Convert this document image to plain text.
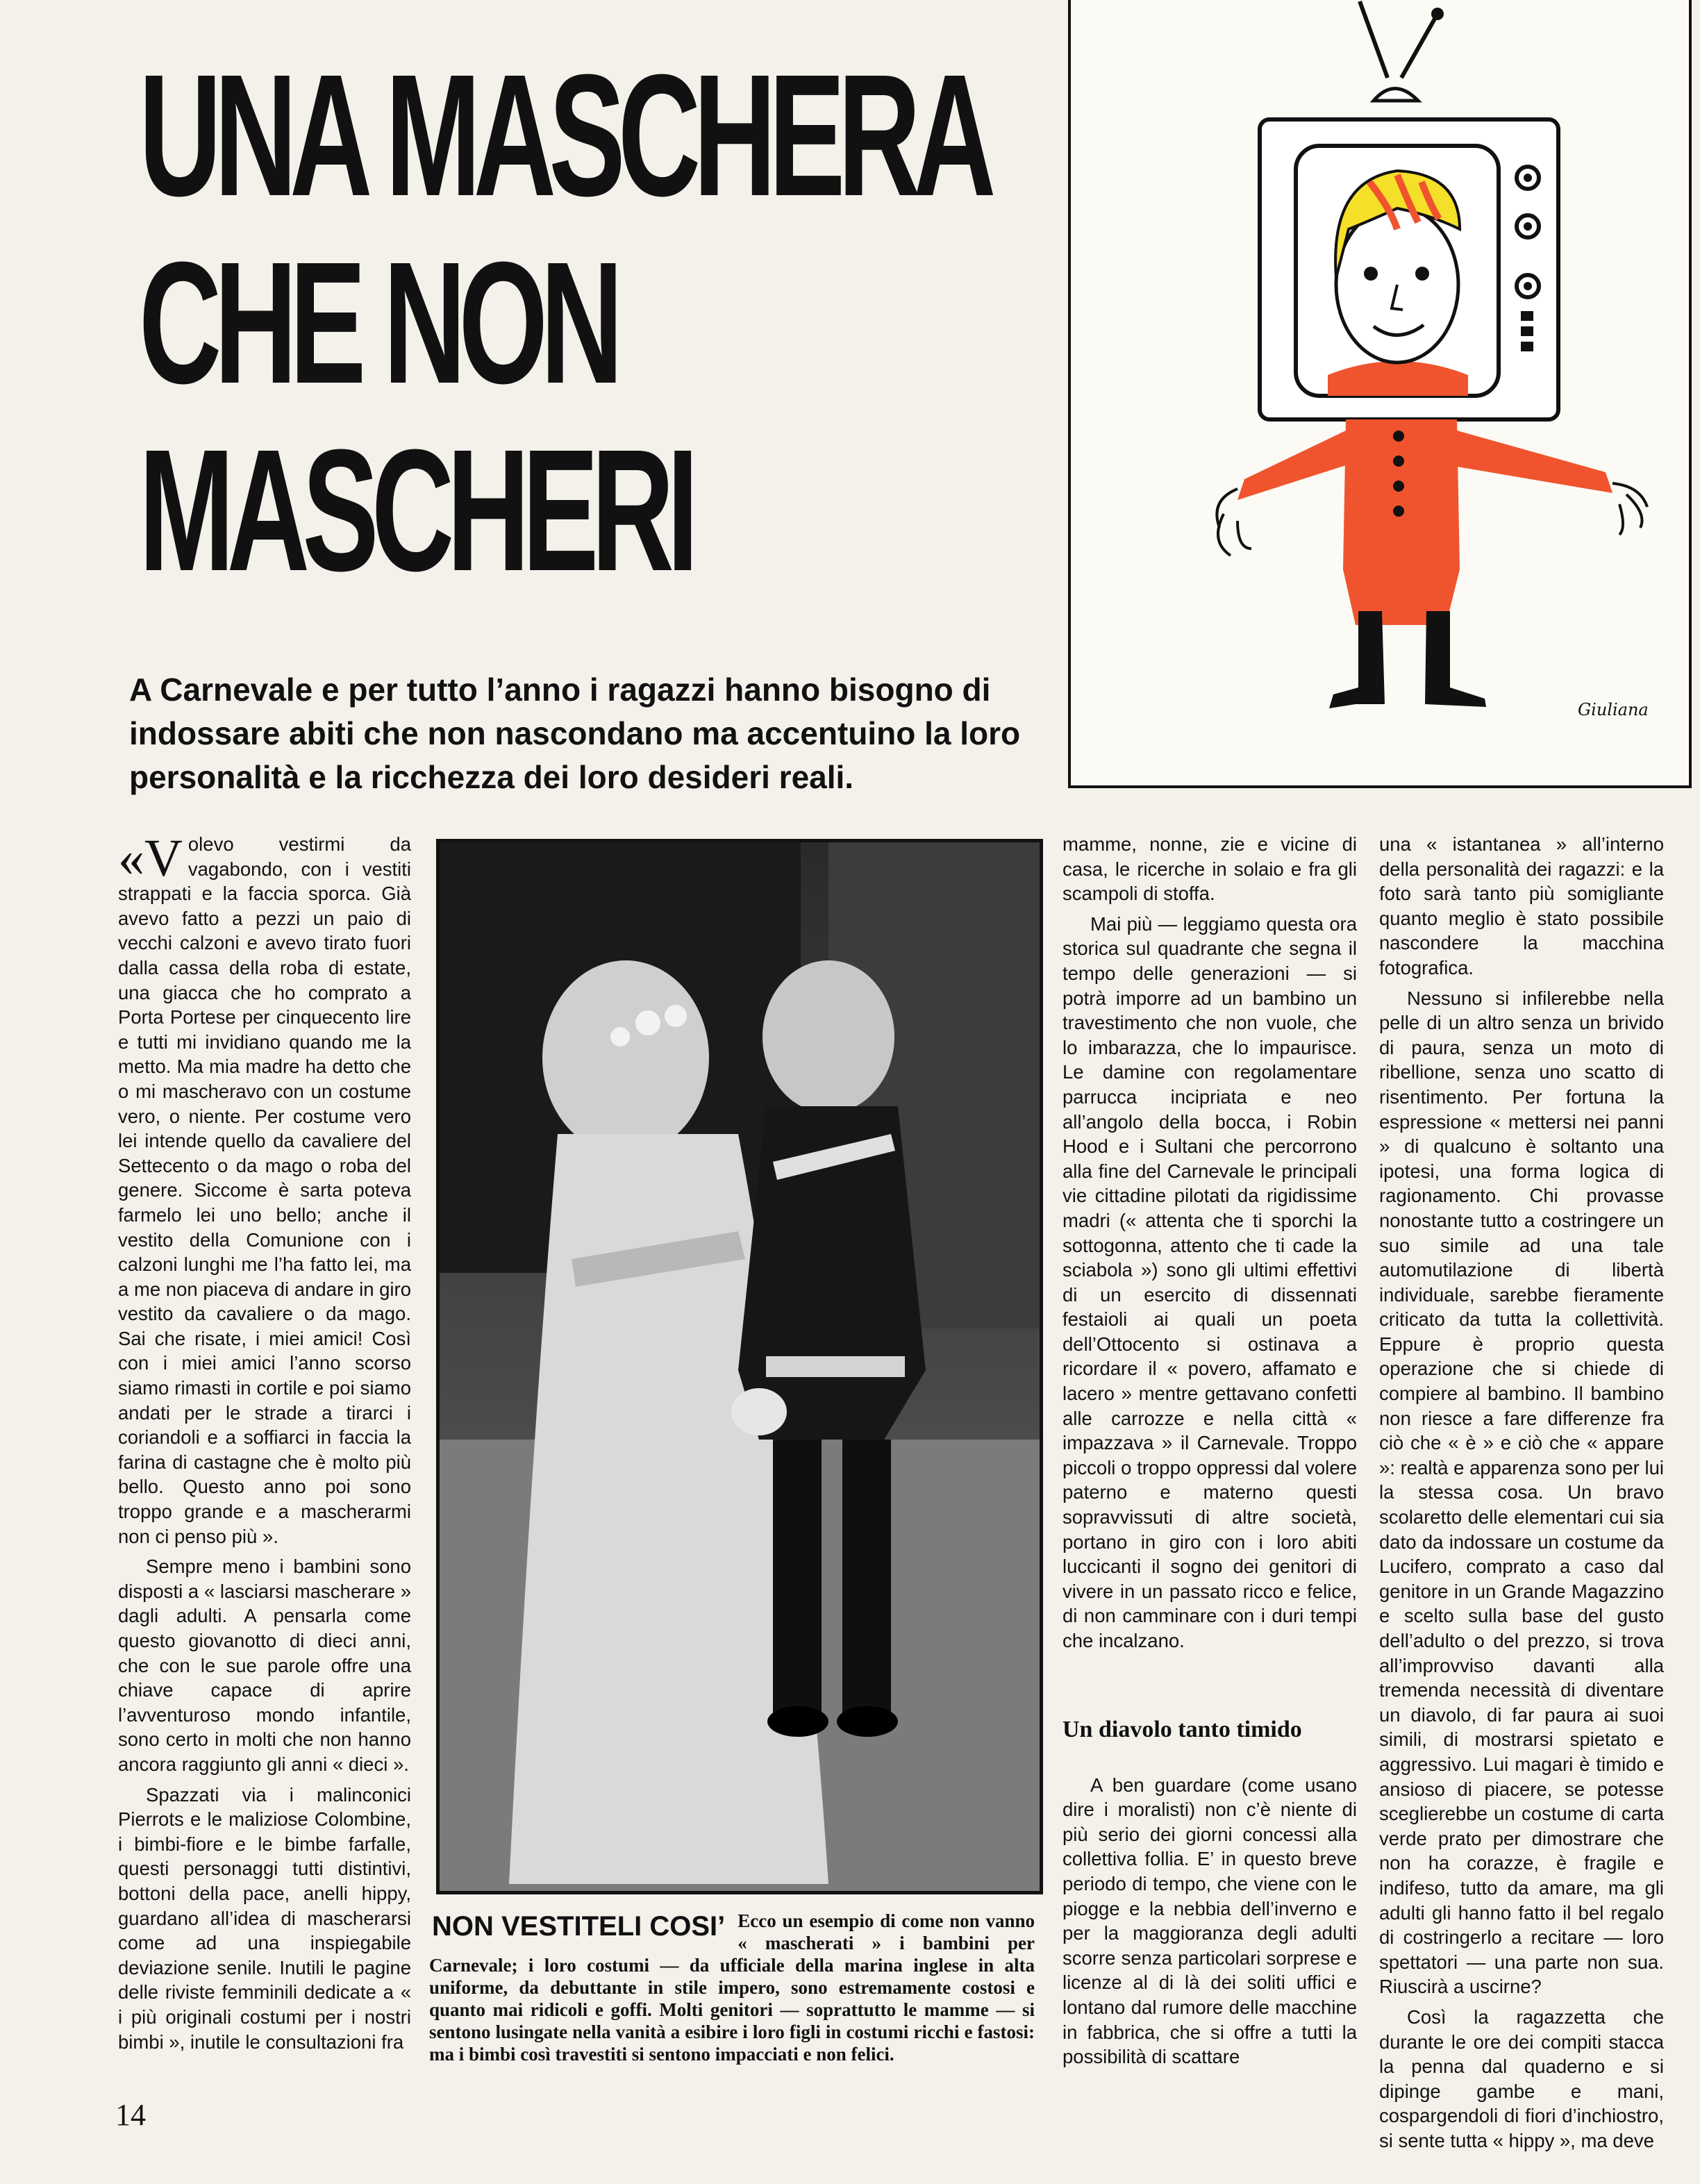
UNA MASCHERA
CHE NON
MASCHERI
Giuliana

A Carnevale e per tutto l’anno i ragazzi hanno bisogno di indossare abiti che non nascondano ma accentuino la loro personalità e la ricchezza dei loro desideri reali.

«Volevo vestirmi da vagabondo, con i vestiti strappati e la faccia sporca. Già avevo fatto a pezzi un paio di vecchi calzoni e avevo tirato fuori dalla cassa della roba di estate, una giacca che ho comprato a Porta Portese per cinquecento lire e tutti mi invidiano quando me la metto. Ma mia madre ha detto che o mi mascheravo con un costume vero, o niente. Per costume vero lei intende quello da cavaliere del Settecento o da mago o roba del genere. Siccome è sarta poteva farmelo lei uno bello; anche il vestito della Comunione con i calzoni lunghi me l’ha fatto lei, ma a me non piaceva di andare in giro vestito da cavaliere o da mago. Sai che risate, i miei amici! Così con i miei amici l’anno scorso siamo rimasti in cortile e poi siamo andati per le strade a tirarci i coriandoli e a soffiarci in faccia la farina di castagne che è molto più bello. Questo anno poi sono troppo grande e a mascherarmi non ci penso più ».

Sempre meno i bambini sono disposti a « lasciarsi mascherare » dagli adulti. A pensarla come questo giovanotto di dieci anni, che con le sue parole offre una chiave capace di aprire l’avventuroso mondo infantile, sono certo in molti che non hanno ancora raggiunto gli anni « dieci ».

Spazzati via i malinconici Pierrots e le maliziose Colombine, i bimbi-fiore e le bimbe farfalle, questi personaggi tutti distintivi, bottoni della pace, anelli hippy, guardano all’idea di mascherarsi come ad una inspiegabile deviazione senile. Inutili le pagine delle riviste femminili dedicate a « i più originali costumi per i nostri bimbi », inutile le consultazioni fra

mamme, nonne, zie e vicine di casa, le ricerche in solaio e fra gli scampoli di stoffa.

Mai più — leggiamo questa ora storica sul quadrante che segna il tempo delle generazioni — si potrà imporre ad un bambino un travestimento che non vuole, che lo imbarazza, che lo impaurisce. Le damine con regolamentare parrucca incipriata e neo all’angolo della bocca, i Robin Hood e i Sultani che percorrono alla fine del Carnevale le principali vie cittadine pilotati da rigidissime madri (« attenta che ti sporchi la sottogonna, attento che ti cade la sciabola ») sono gli ultimi effettivi di un esercito di dissennati festaioli ai quali un poeta dell’Ottocento si ostinava a ricordare il « povero, affamato e lacero » mentre gettavano confetti alle carrozze e nella città « impazzava » il Carnevale. Troppo piccoli o troppo oppressi dal volere paterno e materno questi sopravvissuti di altre società, portano in giro con i loro abiti luccicanti il sogno dei genitori di vivere in un passato ricco e felice, di non camminare con i duri tempi che incalzano.

Un diavolo tanto timido

A ben guardare (come usano dire i moralisti) non c’è niente di più serio dei giorni concessi alla collettiva follia. E’ in questo breve periodo di tempo, che viene con le piogge e la nebbia dell’inverno e per la maggioranza degli adulti scorre senza particolari sorprese e licenze al di là dei soliti uffici e lontano dal rumore delle macchine in fabbrica, che si offre a tutti la possibilità di scattare

una « istantanea » all’interno della personalità dei ragazzi: e la foto sarà tanto più somigliante quanto meglio è stato possibile nascondere la macchina fotografica.

Nessuno si infilerebbe nella pelle di un altro senza un brivido di paura, senza un moto di ribellione, senza uno scatto di risentimento. Per fortuna la espressione « mettersi nei panni » di qualcuno è soltanto una ipotesi, una forma logica di ragionamento. Chi provasse nonostante tutto a costringere un suo simile ad una tale automutilazione di libertà individuale, sarebbe fieramente criticato da tutta la collettività. Eppure è proprio questa operazione che si chiede di compiere al bambino. Il bambino non riesce a fare differenze fra ciò che « è » e ciò che « appare »: realtà e apparenza sono per lui la stessa cosa. Un bravo scolaretto delle elementari cui sia dato da indossare un costume da Lucifero, comprato a caso dal genitore in un Grande Magazzino e scelto sulla base del gusto dell’adulto o del prezzo, si trova all’improvviso davanti alla tremenda necessità di diventare un diavolo, di far paura ai suoi simili, di mostrarsi spietato e aggressivo. Lui magari è timido e ansioso di piacere, se potesse sceglierebbe un costume di carta verde prato per dimostrare che non ha corazze, è fragile e indifeso, tutto da amare, ma gli adulti gli hanno fatto il bel regalo di costringerlo a recitare — loro spettatori — una parte non sua. Riuscirà a uscirne?

Così la ragazzetta che durante le ore dei compiti stacca la penna dal quaderno e si dipinge gambe e mani, cospargendoli di fiori d’inchiostro, si sente tutta « hippy », ma deve

NON VESTITELI COSI’ Ecco un esempio di come non vanno « mascherati » i bambini per Carnevale; i loro costumi — da ufficiale della marina inglese in alta uniforme, da debuttante in stile impero, sono estremamente costosi e quanto mai ridicoli e goffi. Molti genitori — soprattutto le mamme — si sentono lusingate nella vanità a esibire i loro figli in costumi ricchi e fastosi: ma i bimbi così travestiti si sentono impacciati e non felici.

14
